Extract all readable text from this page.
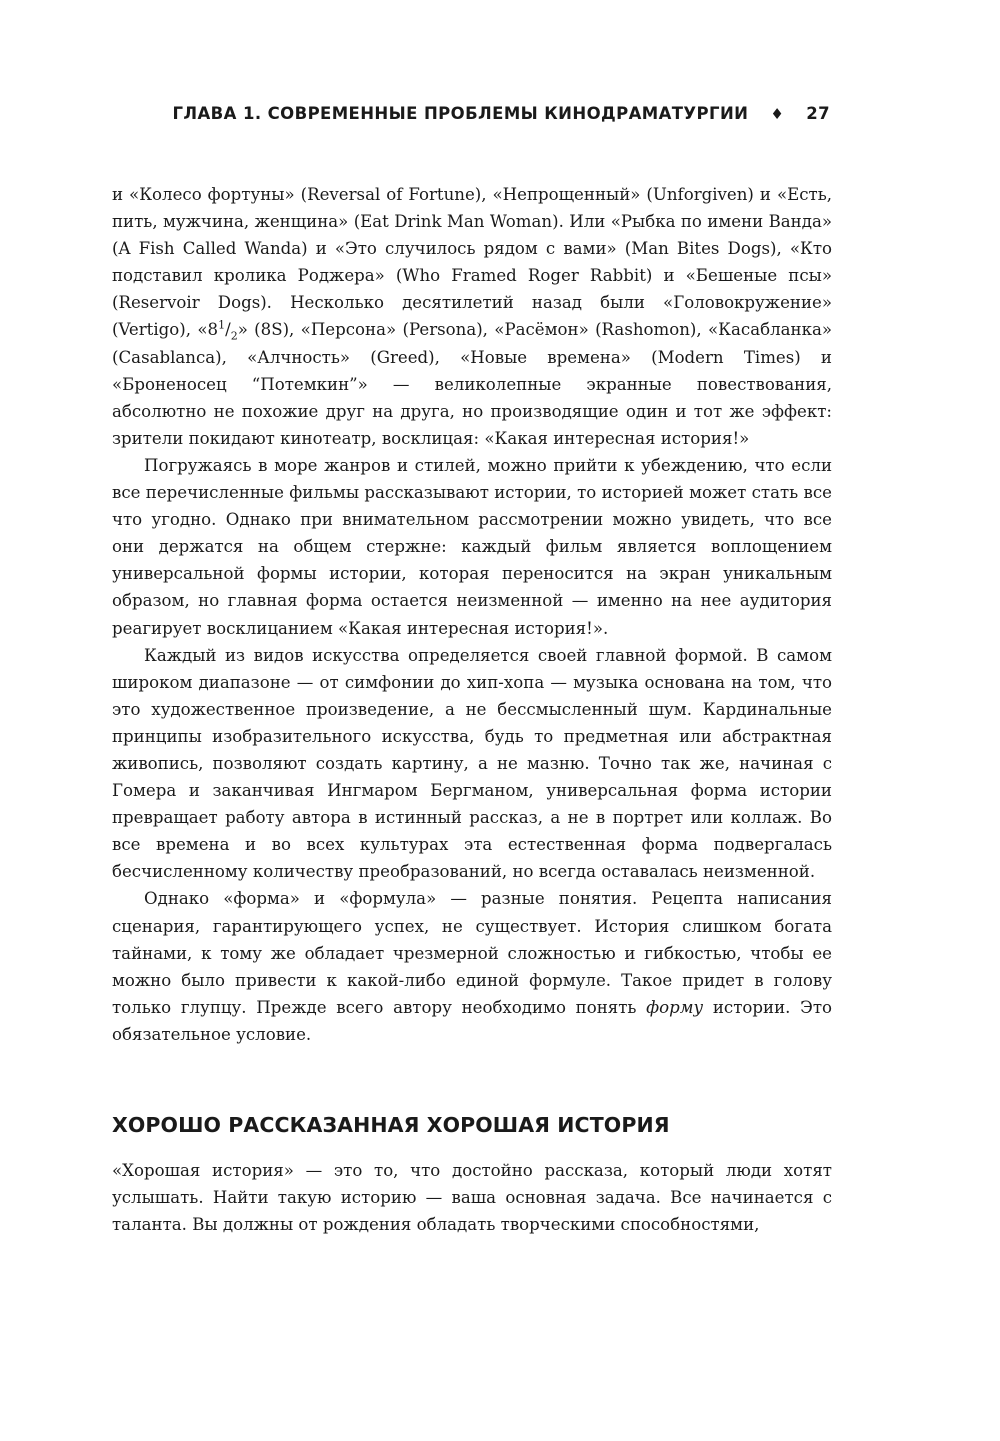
ГЛАВА 1. СОВРЕМЕННЫЕ ПРОБЛЕМЫ КИНОДРАМАТУРГИИ ♦ 27

и «Колесо фортуны» (Reversal of Fortune), «Непрощенный» (Unforgiven) и «Есть, пить, мужчина, женщина» (Eat Drink Man Woman). Или «Рыбка по имени Ванда» (A Fish Called Wanda) и «Это случилось рядом с вами» (Man Bites Dogs), «Кто подставил кролика Роджера» (Who Framed Roger Rabbit) и «Бешеные псы» (Reservoir Dogs). Несколько десятилетий назад были «Головокружение» (Vertigo), «$8^1/_2$» (8S), «Персона» (Persona), «Расёмон» (Rashomon), «Касабланка» (Casablanca), «Алчность» (Greed), «Новые времена» (Modern Times) и «Броненосец “Потемкин”» — великолепные экранные повествования, абсолютно не похожие друг на друга, но производящие один и тот же эффект: зрители покидают кинотеатр, восклицая: «Какая интересная история!»

Погружаясь в море жанров и стилей, можно прийти к убеждению, что если все перечисленные фильмы рассказывают истории, то историей может стать все что угодно. Однако при внимательном рассмотрении можно увидеть, что все они держатся на общем стержне: каждый фильм является воплощением универсальной формы истории, которая переносится на экран уникальным образом, но главная форма остается неизменной — именно на нее аудитория реагирует восклицанием «Какая интересная история!».

Каждый из видов искусства определяется своей главной формой. В самом широком диапазоне — от симфонии до хип-хопа — музыка основана на том, что это художественное произведение, а не бессмысленный шум. Кардинальные принципы изобразительного искусства, будь то предметная или абстрактная живопись, позволяют создать картину, а не мазню. Точно так же, начиная с Гомера и заканчивая Ингмаром Бергманом, универсальная форма истории превращает работу автора в истинный рассказ, а не в портрет или коллаж. Во все времена и во всех культурах эта естественная форма подвергалась бесчисленному количеству преобразований, но всегда оставалась неизменной.

Однако «форма» и «формула» — разные понятия. Рецепта написания сценария, гарантирующего успех, не существует. История слишком богата тайнами, к тому же обладает чрезмерной сложностью и гибкостью, чтобы ее можно было привести к какой-либо единой формуле. Такое придет в голову только глупцу. Прежде всего автору необходимо понять форму истории. Это обязательное условие.

ХОРОШО РАССКАЗАННАЯ ХОРОШАЯ ИСТОРИЯ

«Хорошая история» — это то, что достойно рассказа, который люди хотят услышать. Найти такую историю — ваша основная задача. Все начинается с таланта. Вы должны от рождения обладать творческими способностями,
